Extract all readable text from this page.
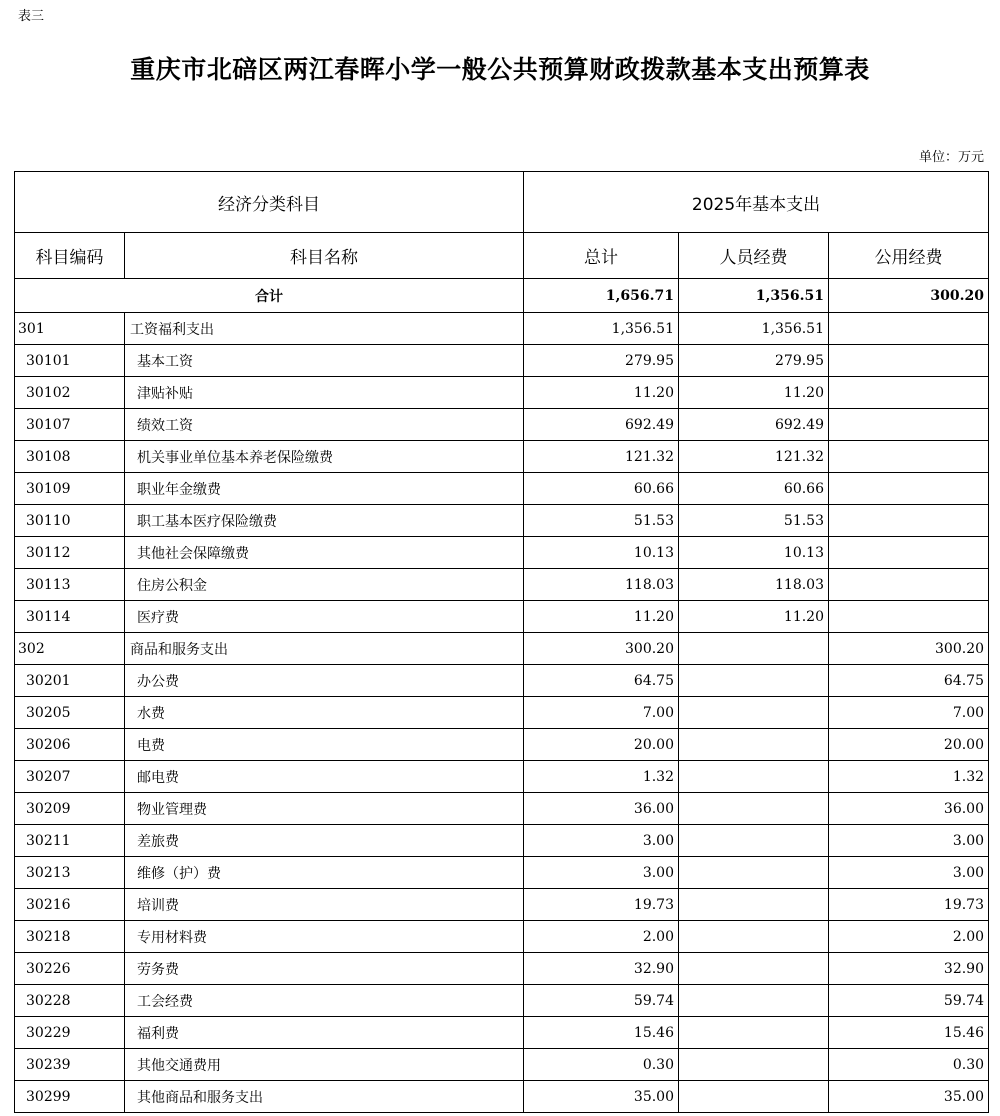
表三
重庆市北碚区两江春晖小学一般公共预算财政拨款基本支出预算表
单位：万元
经济分类科目		2025年基本支出		
科目编码	科目名称	总计	人员经费	公用经费
合计		1,656.71	1,356.51	300.20
301	工资福利支出	1,356.51	1,356.51	
30101	基本工资	279.95	279.95	
30102	津贴补贴	11.20	11.20	
30107	绩效工资	692.49	692.49	
30108	机关事业单位基本养老保险缴费	121.32	121.32	
30109	职业年金缴费	60.66	60.66	
30110	职工基本医疗保险缴费	51.53	51.53	
30112	其他社会保障缴费	10.13	10.13	
30113	住房公积金	118.03	118.03	
30114	医疗费	11.20	11.20	
302	商品和服务支出	300.20		300.20
30201	办公费	64.75		64.75
30205	水费	7.00		7.00
30206	电费	20.00		20.00
30207	邮电费	1.32		1.32
30209	物业管理费	36.00		36.00
30211	差旅费	3.00		3.00
30213	维修（护）费	3.00		3.00
30216	培训费	19.73		19.73
30218	专用材料费	2.00		2.00
30226	劳务费	32.90		32.90
30228	工会经费	59.74		59.74
30229	福利费	15.46		15.46
30239	其他交通费用	0.30		0.30
30299	其他商品和服务支出	35.00		35.00
